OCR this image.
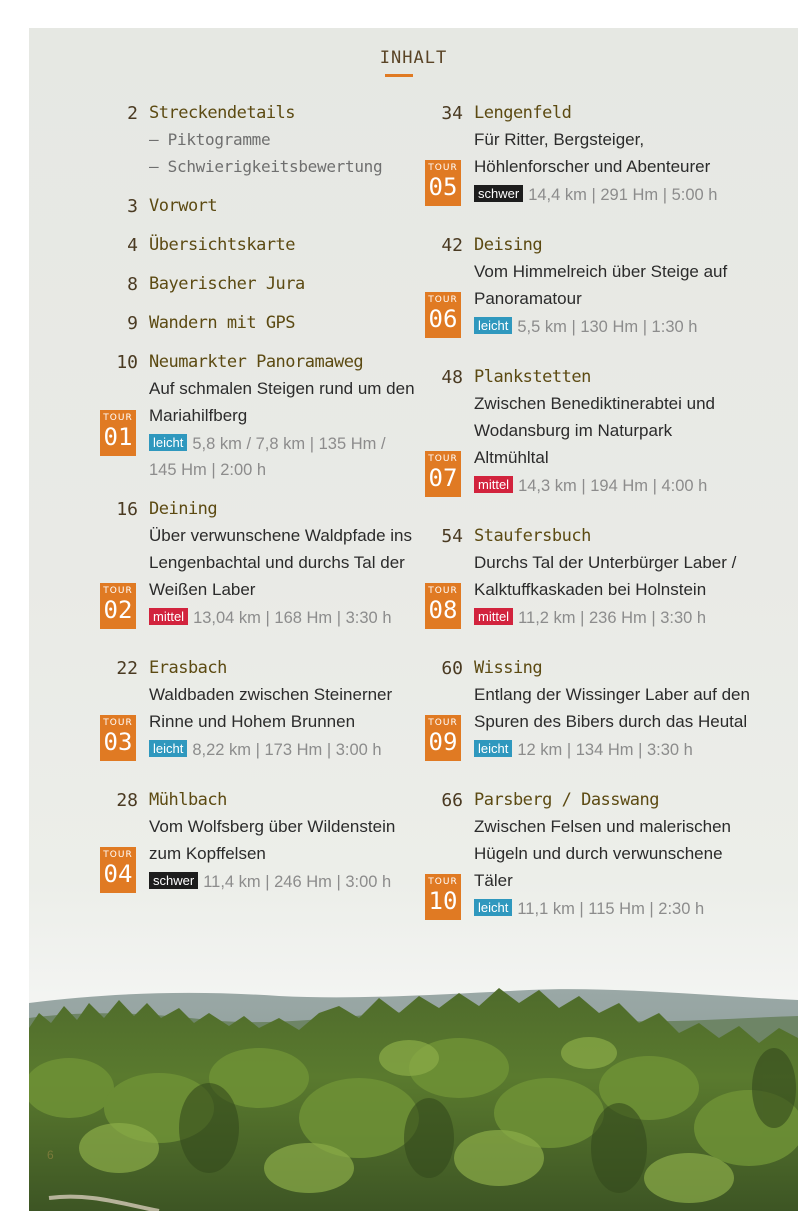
INHALT
2 Streckendetails
– Piktogramme
– Schwierigkeitsbewertung
3 Vorwort
4 Übersichtskarte
8 Bayerischer Jura
9 Wandern mit GPS
10 Neumarkter Panoramaweg
Auf schmalen Steigen rund um den
Mariahilfberg
leicht 5,8 km / 7,8 km | 135 Hm /
145 Hm | 2:00 h
TOUR
01
16 Deining
Über verwunschene Waldpfade ins
Lengenbachtal und durchs Tal der
Weißen Laber
mittel 13,04 km | 168 Hm | 3:30 h
TOUR
02
22 Erasbach
Waldbaden zwischen Steinerner
Rinne und Hohem Brunnen
leicht 8,22 km | 173 Hm | 3:00 h
TOUR
03
28 Mühlbach
Vom Wolfsberg über Wildenstein
zum Kopffelsen
schwer 11,4 km | 246 Hm | 3:00 h
TOUR
04
34 Lengenfeld
Für Ritter, Bergsteiger,
Höhlenforscher und Abenteurer
schwer 14,4 km | 291 Hm | 5:00 h
TOUR
05
42 Deising
Vom Himmelreich über Steige auf
Panoramatour
leicht 5,5 km | 130 Hm | 1:30 h
TOUR
06
48 Plankstetten
Zwischen Benediktinerabtei und
Wodansburg im Naturpark
Altmühltal
mittel 14,3 km | 194 Hm | 4:00 h
TOUR
07
54 Staufersbuch
Durchs Tal der Unterbürger Laber /
Kalktuffkaskaden bei Holnstein
mittel 11,2 km | 236 Hm | 3:30 h
TOUR
08
60 Wissing
Entlang der Wissinger Laber auf den
Spuren des Bibers durch das Heutal
leicht 12 km | 134 Hm | 3:30 h
TOUR
09
66 Parsberg / Dasswang
Zwischen Felsen und malerischen
Hügeln und durch verwunschene
Täler
leicht 11,1 km | 115 Hm | 2:30 h
TOUR
10
6
